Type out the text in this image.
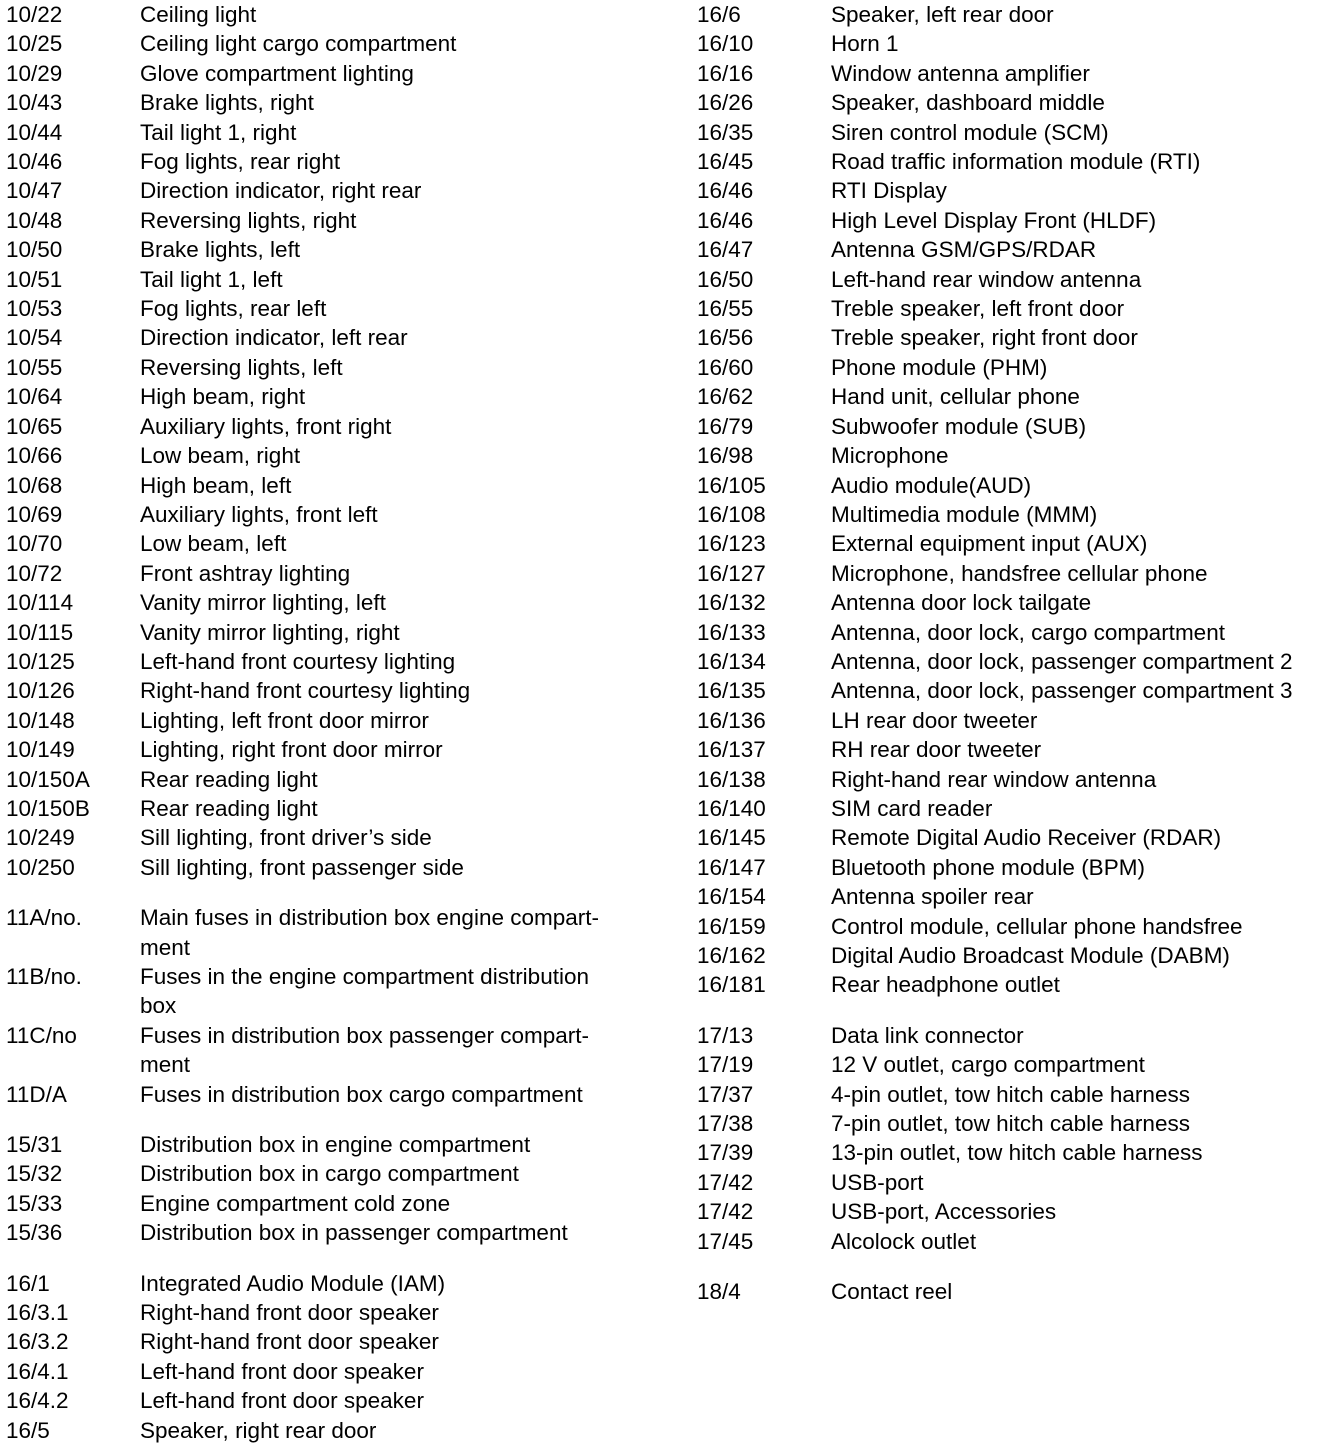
10/22	Ceiling light
10/25	Ceiling light cargo compartment
10/29	Glove compartment lighting
10/43	Brake lights, right
10/44	Tail light 1, right
10/46	Fog lights, rear right
10/47	Direction indicator, right rear
10/48	Reversing lights, right
10/50	Brake lights, left
10/51	Tail light 1, left
10/53	Fog lights, rear left
10/54	Direction indicator, left rear
10/55	Reversing lights, left
10/64	High beam, right
10/65	Auxiliary lights, front right
10/66	Low beam, right
10/68	High beam, left
10/69	Auxiliary lights, front left
10/70	Low beam, left
10/72	Front ashtray lighting
10/114	Vanity mirror lighting, left
10/115	Vanity mirror lighting, right
10/125	Left-hand front courtesy lighting
10/126	Right-hand front courtesy lighting
10/148	Lighting, left front door mirror
10/149	Lighting, right front door mirror
10/150A	Rear reading light
10/150B	Rear reading light
10/249	Sill lighting, front driver’s side
10/250	Sill lighting, front passenger side
11A/no.	Main fuses in distribution box engine compart-
ment
11B/no.	Fuses in the engine compartment distribution
box
11C/no	Fuses in distribution box passenger compart-
ment
11D/A	Fuses in distribution box cargo compartment
15/31	Distribution box in engine compartment
15/32	Distribution box in cargo compartment
15/33	Engine compartment cold zone
15/36	Distribution box in passenger compartment
16/1	Integrated Audio Module (IAM)
16/3.1	Right-hand front door speaker
16/3.2	Right-hand front door speaker
16/4.1	Left-hand front door speaker
16/4.2	Left-hand front door speaker
16/5	Speaker, right rear door
16/6	Speaker, left rear door
16/10	Horn 1
16/16	Window antenna amplifier
16/26	Speaker, dashboard middle
16/35	Siren control module (SCM)
16/45	Road traffic information module (RTI)
16/46	RTI Display
16/46	High Level Display Front (HLDF)
16/47	Antenna GSM/GPS/RDAR
16/50	Left-hand rear window antenna
16/55	Treble speaker, left front door
16/56	Treble speaker, right front door
16/60	Phone module (PHM)
16/62	Hand unit, cellular phone
16/79	Subwoofer module (SUB)
16/98	Microphone
16/105	Audio module(AUD)
16/108	Multimedia module (MMM)
16/123	External equipment input (AUX)
16/127	Microphone, handsfree cellular phone
16/132	Antenna door lock tailgate
16/133	Antenna, door lock, cargo compartment
16/134	Antenna, door lock, passenger compartment 2
16/135	Antenna, door lock, passenger compartment 3
16/136	LH rear door tweeter
16/137	RH rear door tweeter
16/138	Right-hand rear window antenna
16/140	SIM card reader
16/145	Remote Digital Audio Receiver (RDAR)
16/147	Bluetooth phone module (BPM)
16/154	Antenna spoiler rear
16/159	Control module, cellular phone handsfree
16/162	Digital Audio Broadcast Module (DABM)
16/181	Rear headphone outlet
17/13	Data link connector
17/19	12 V outlet, cargo compartment
17/37	4-pin outlet, tow hitch cable harness
17/38	7-pin outlet, tow hitch cable harness
17/39	13-pin outlet, tow hitch cable harness
17/42	USB-port
17/42	USB-port, Accessories
17/45	Alcolock outlet
18/4	Contact reel
